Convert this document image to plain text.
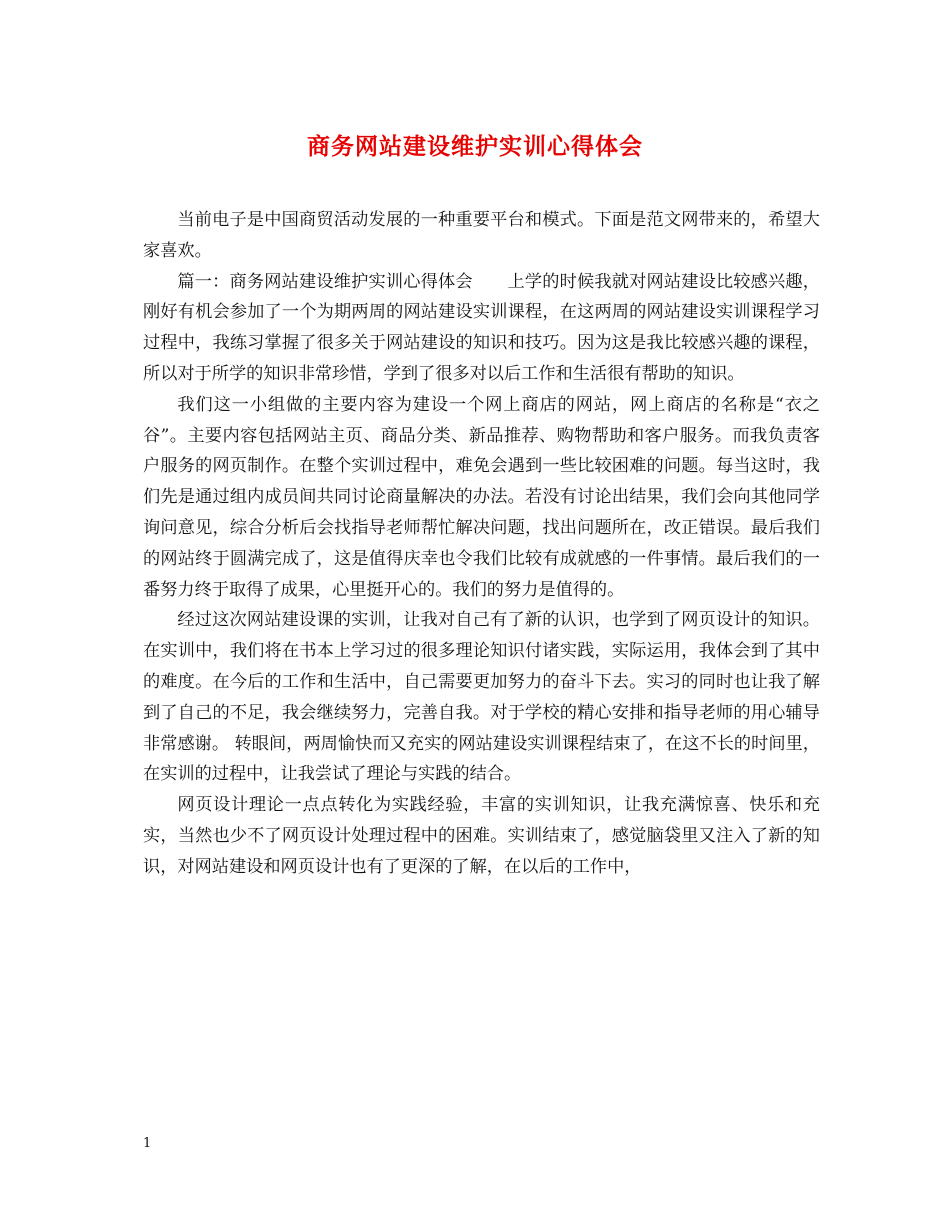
商务网站建设维护实训心得体会

当前电子是中国商贸活动发展的一种重要平台和模式。下面是范文网带来的，希望大家喜欢。

篇一：商务网站建设维护实训心得体会　　上学的时候我就对网站建设比较感兴趣，刚好有机会参加了一个为期两周的网站建设实训课程，在这两周的网站建设实训课程学习过程中，我练习掌握了很多关于网站建设的知识和技巧。因为这是我比较感兴趣的课程，所以对于所学的知识非常珍惜，学到了很多对以后工作和生活很有帮助的知识。

我们这一小组做的主要内容为建设一个网上商店的网站，网上商店的名称是“衣之谷”。主要内容包括网站主页、商品分类、新品推荐、购物帮助和客户服务。而我负责客户服务的网页制作。在整个实训过程中，难免会遇到一些比较困难的问题。每当这时，我们先是通过组内成员间共同讨论商量解决的办法。若没有讨论出结果，我们会向其他同学询问意见，综合分析后会找指导老师帮忙解决问题，找出问题所在，改正错误。最后我们的网站终于圆满完成了，这是值得庆幸也令我们比较有成就感的一件事情。最后我们的一番努力终于取得了成果，心里挺开心的。我们的努力是值得的。

经过这次网站建设课的实训，让我对自己有了新的认识，也学到了网页设计的知识。在实训中，我们将在书本上学习过的很多理论知识付诸实践，实际运用，我体会到了其中的难度。在今后的工作和生活中，自己需要更加努力的奋斗下去。实习的同时也让我了解到了自己的不足，我会继续努力，完善自我。对于学校的精心安排和指导老师的用心辅导非常感谢。 转眼间，两周愉快而又充实的网站建设实训课程结束了，在这不长的时间里，在实训的过程中，让我尝试了理论与实践的结合。

网页设计理论一点点转化为实践经验，丰富的实训知识，让我充满惊喜、快乐和充实，当然也少不了网页设计处理过程中的困难。实训结束了，感觉脑袋里又注入了新的知识，对网站建设和网页设计也有了更深的了解，在以后的工作中，

1
